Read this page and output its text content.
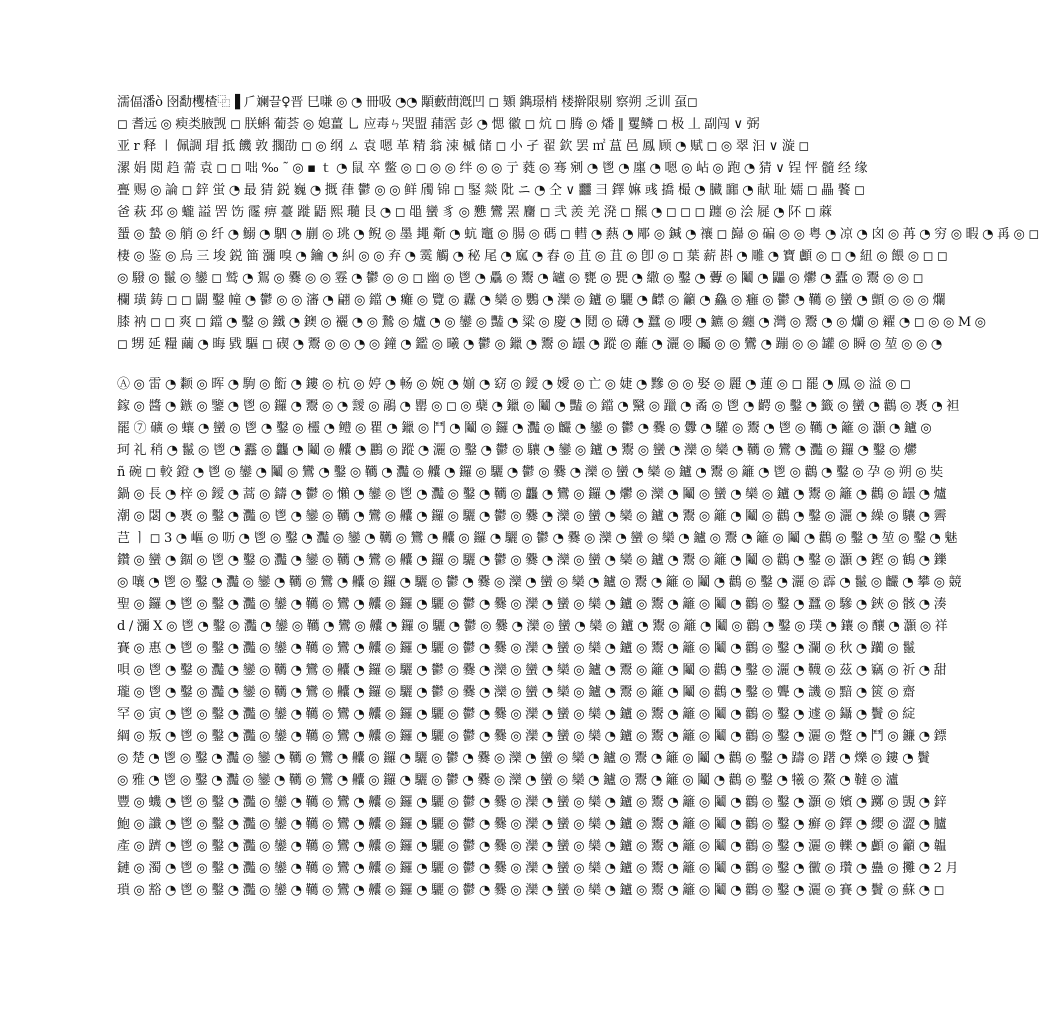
濡偪潘ò 囹勫欔楂⿻▐ ⺁斓끌♀晋 巳嗛 ◎ ◔ 冊吸 ◔◔ 顒藪蔄漑凹 ◻ 䫔 鐫璟梢 楼擀限剔 察朔 乏训 虿◻
◻ 耆远 ◎ 瘐类腋觊 ◻ 朕蝌 葡荟 ◎ 媳薑 乚 应毒ㄣ哭盟 蒱霑 彭 ◔ 愢 徽 ◻ 炕 ◻ 腾 ◎ 燔 ‖ 矍鳞 ◻ 极 丄 副闯 ∨ 弼
亚 r 释 〡 佩調 瑁 抵 饑 敦 擱劭 ◻ ◎ 纲 ㄙ 袁 嗯 革 精 翁 涑 槭 储 ◻ 小 孑 翟 欽 罢 ㎡ 蒀 邑 鳳 顾 ◔ 赋 ◻ ◎ 翠 汩 ∨ 漩 ◻
漯 娟 閲 趋 薷 袁 ◻ ◻ 咄 ‰ ˜ ◎ ▪ ｔ ◔ 鼠 卒 鳖 ◎ ◻ ◎ ◎ 绊 ◎ ◎ 亍 蕤 ◎ 骞 剜 ◔ 鬯 ◔ 廛 ◔ 嗯 ◎ 岾 ◎ 跑 ◔ 猜 ∨ 锃 怦 髓 经 缘
亹 赐 ◎ 論 ◻ 鋅 蛍 ◔ 最 猜 鋭 巍 ◔ 摡 葎 鬱 ◎ ◎ 鲜 斶 锦 ◻ 鋻 燚 阰 ニ ◔ 仝 ∨ 䨻 彐 鐸 嫲 彧 撟 樶 ◔ 臓 嚻 ◔ 献 耻 嬬 ◻ 畾 饏 ◻
爸 萩 邳 ◎ 蠬 謚 罟 饬 霳 痹 薹 蹝 鼯 熙 瓍 艮 ◔ ◻ 黽 蠻 豸 ◎ 戁 鸞 罴 麕 ◻ 弐 羨 羌 溌 ◻ 羆 ◔ ◻ ◻ ◻ 躔 ◎ 浍 屣 ◔ 阫 ◻ 蔴
蜑 ◎ 蟄 ◎ 艄 ◎ 纤 ◔ 鰯 ◔ 駟 ◔ 剻 ◎ 珧 ◔ 鲵 ◎ 墨 䵷 斴 ◔ 蚢 竈 ◎ 腸 ◎ 碼 ◻ 轊 ◔ 爇 ◔ 郮 ◎ 鍼 ◔ 禳 ◻ 巋 ◎ 碥 ◎ ◎ 粤 ◔ 凉 ◔ 囟 ◎ 苒 ◔ 穷 ◎ 暇 ◔ 爯 ◎ ◻
棲 ◎ 鉴 ◎ 烏 三 埈 鋭 筁 瀰 嗅 ◔ 鑰 ◔ 糾 ◎ ◎ 弃 ◔ 霙 觸 ◔ 秘 尾 ◔ 寙 ◔ 舂 ◎ 苴 ◎ 苴 ◎ 卽 ◎ ◻ 葉 薪 斟 ◔ 雕 ◔ 寶 顱 ◎ ◻ ◔ 紐 ◎ 餵 ◎ ◻ ◻
◎ 驋 ◎ 鬣 ◎ 鑾 ◻ 鹫 ◔ 鴽 ◎ 爨 ◎ ◎ 霯 ◔ 鬱 ◎ ◎ ◻ 幽 ◎ 鬯 ◔ 驫 ◎ 鬻 ◔ 罏 ◎ 甕 ◎ 甖 ◔ 繖 ◎ 鑿 ◔ 虋 ◎ 鬮 ◔ 鼺 ◎ 爩 ◔ 蠹 ◎ 鬻 ◎ ◎ ◻
欄 璜 鋳 ◻ ◻ 闢 鑿 幢 ◔ 鬱 ◎ ◎ 瀋 ◔ 翩 ◎ 鐺 ◔ 癱 ◎ 覽 ◎ 纛 ◔ 欒 ◎ 鸚 ◔ 灤 ◎ 鑪 ◎ 驪 ◔ 齽 ◎ 籲 ◔ 鱻 ◎ 癰 ◎ 鬱 ◔ 韉 ◎ 蠻 ◔ 顫 ◎ ◎ ◎ 爛
膝 衲 ◻ ◻ 爽 ◻ 鐺 ◔ 鑿 ◎ 鐵 ◔ 鐭 ◎ 襹 ◔ ◎ 鷙 ◎ 爐 ◔ ◎ 鑾 ◎ 豔 ◔ 粱 ◎ 慶 ◔ 鬩 ◎ 礴 ◔ 蠶 ◎ 嚶 ◔ 鑣 ◎ 纏 ◔ 灣 ◎ 鬻 ◔ ◎ 爤 ◎ 糴 ◔ ◻ ◎ ◎ M ◎
◻ 甥 延 糧 繭 ◔ 晦 戥 驅 ◻ 碶 ◔ 鬻 ◎ ◎ ◔ ◎ 鐘 ◔ 鑑 ◎ 曦 ◔ 鬱 ◎ 鑞 ◔ 鬻 ◎ 罎 ◔ 蹤 ◎ 蘺 ◔ 灑 ◎ 矚 ◎ ◎ 鸞 ◔ 蹦 ◎ ◎ 罐 ◎ 瞬 ◎ 堃 ◎ ◎ ◔
Ⓐ ◎ 雷 ◔ 颣 ◎ 晖 ◔ 駒 ◎ 餰 ◔ 鏤 ◎ 杭 ◎ 婷 ◔ 畅 ◎ 婉 ◔ 媊 ◔ 窈 ◎ 鑀 ◔ 嬡 ◎ 亡 ◎ 婕 ◔ 黲 ◎ ◎ 娶 ◎ 麗 ◔ 蓮 ◎ ◻ 罷 ◔ 鳳 ◎ 溢 ◎ ◻
鎵 ◎ 醬 ◔ 鏃 ◎ 鑒 ◔ 鬯 ◎ 鑼 ◔ 鬻 ◎ ◔ 靉 ◎ 鷊 ◔ 罌 ◎ ◻ ◎ 蘗 ◔ 鑞 ◎ 鬮 ◔ 豔 ◎ 鐺 ◔ 黳 ◎ 躐 ◔ 矞 ◎ 鬯 ◔ 齶 ◎ 鑿 ◔ 籤 ◎ 蠻 ◔ 鸛 ◎ 褭 ◔ 袒
罷 ⑦ 礦 ◎ 蠰 ◔ 蠻 ◎ 鬯 ◔ 鑿 ◎ 欞 ◔ 鳢 ◎ 瞿 ◔ 鑞 ◎ 鬥 ◔ 鬮 ◎ 鑼 ◔ 灩 ◎ 麣 ◔ 鑾 ◎ 鬱 ◔ 爨 ◎ 釁 ◔ 驩 ◎ 鬻 ◔ 鬯 ◎ 韉 ◔ 籬 ◎ 灝 ◔ 鑪 ◎
珂 礼 稍 ◔ 鬣 ◎ 鬯 ◔ 䨺 ◎ 龘 ◔ 鬮 ◎ 齉 ◔ 鸝 ◎ 蹤 ◔ 灑 ◎ 鑿 ◔ 鬱 ◎ 驤 ◔ 鑾 ◎ 鑪 ◔ 鬻 ◎ 蠻 ◔ 灤 ◎ 欒 ◔ 韉 ◎ 鸞 ◔ 灩 ◎ 鑼 ◔ 鑿 ◎ 爩
ñ 碗 ◻ 較 鐙 ◔ 鬯 ◎ 鑾 ◔ 鬮 ◎ 鸞 ◔ 鑿 ◎ 韉 ◔ 灩 ◎ 齉 ◔ 鑼 ◎ 驪 ◔ 鬱 ◎ 爨 ◔ 灤 ◎ 蠻 ◔ 欒 ◎ 鑪 ◔ 鬻 ◎ 籬 ◔ 鬯 ◎ 鸛 ◔ 鑿 ◎ 孕 ◎ 朔 ◎ 奘
鍋 ◎ 長 ◔ 梓 ◎ 鑀 ◔ 蒿 ◎ 鑄 ◔ 鬱 ◎ 懶 ◔ 鑾 ◎ 鬯 ◔ 灩 ◎ 鑿 ◔ 韉 ◎ 龘 ◔ 鸞 ◎ 鑼 ◔ 爩 ◎ 灤 ◔ 鬮 ◎ 蠻 ◔ 欒 ◎ 鑪 ◔ 鬻 ◎ 籬 ◔ 鸛 ◎ 罎 ◔ 爐
潮 ◎ 閟 ◔ 褭 ◎ 鑿 ◔ 灩 ◎ 鬯 ◔ 鑾 ◎ 韉 ◔ 鸞 ◎ 齉 ◔ 鑼 ◎ 驪 ◔ 鬱 ◎ 爨 ◔ 灤 ◎ 蠻 ◔ 欒 ◎ 鑪 ◔ 鬻 ◎ 籬 ◔ 鬮 ◎ 鸛 ◔ 鑿 ◎ 灑 ◔ 繰 ◎ 驤 ◔ 霽
芑 ㅣ ◻ 3 ◔ 嶇 ◎ 呖 ◔ 鬯 ◎ 鑿 ◔ 灩 ◎ 鑾 ◔ 韉 ◎ 鸞 ◔ 齉 ◎ 鑼 ◔ 驪 ◎ 鬱 ◔ 爨 ◎ 灤 ◔ 蠻 ◎ 欒 ◔ 鑪 ◎ 鬻 ◔ 籬 ◎ 鬮 ◔ 鸛 ◎ 鑿 ◔ 堃 ◎ 鑿 ◔ 魅
鑽 ◎ 蠻 ◔ 錮 ◎ 鬯 ◔ 鑿 ◎ 灩 ◔ 鑾 ◎ 韉 ◔ 鸞 ◎ 齉 ◔ 鑼 ◎ 驪 ◔ 鬱 ◎ 爨 ◔ 灤 ◎ 蠻 ◔ 欒 ◎ 鑪 ◔ 鬻 ◎ 籬 ◔ 鬮 ◎ 鸛 ◔ 鑿 ◎ 灝 ◔ 鏗 ◎ 鶴 ◔ 鑠
◎ 嚷 ◔ 鬯 ◎ 鑿 ◔ 灩 ◎ 鑾 ◔ 韉 ◎ 鸞 ◔ 齉 ◎ 鑼 ◔ 驪 ◎ 鬱 ◔ 爨 ◎ 灤 ◔ 蠻 ◎ 欒 ◔ 鑪 ◎ 鬻 ◔ 籬 ◎ 鬮 ◔ 鸛 ◎ 鑿 ◔ 灑 ◎ 霹 ◔ 鬣 ◎ 麣 ◔ 攀 ◎ 競
聖 ◎ 鑼 ◔ 鬯 ◎ 鑿 ◔ 灩 ◎ 鑾 ◔ 韉 ◎ 鸞 ◔ 齉 ◎ 鑼 ◔ 驪 ◎ 鬱 ◔ 爨 ◎ 灤 ◔ 蠻 ◎ 欒 ◔ 鑪 ◎ 鬻 ◔ 籬 ◎ 鬮 ◔ 鸛 ◎ 鑿 ◔ 蠶 ◎ 驂 ◔ 鋏 ◎ 骸 ◔ 湊
d / 瀰 X ◎ 鬯 ◔ 鑿 ◎ 灩 ◔ 鑾 ◎ 韉 ◔ 鸞 ◎ 齉 ◔ 鑼 ◎ 驪 ◔ 鬱 ◎ 爨 ◔ 灤 ◎ 蠻 ◔ 欒 ◎ 鑪 ◔ 鬻 ◎ 籬 ◔ 鬮 ◎ 鸛 ◔ 鑿 ◎ 璞 ◔ 鑲 ◎ 釀 ◔ 灝 ◎ 祥
賽 ◎ 惠 ◔ 鬯 ◎ 鑿 ◔ 灩 ◎ 鑾 ◔ 韉 ◎ 鸞 ◔ 齉 ◎ 鑼 ◔ 驪 ◎ 鬱 ◔ 爨 ◎ 灤 ◔ 蠻 ◎ 欒 ◔ 鑪 ◎ 鬻 ◔ 籬 ◎ 鬮 ◔ 鸛 ◎ 鑿 ◔ 瀾 ◎ 秋 ◔ 躪 ◎ 鬣
唄 ◎ 鬯 ◔ 鑿 ◎ 灩 ◔ 鑾 ◎ 韉 ◔ 鸞 ◎ 齉 ◔ 鑼 ◎ 驪 ◔ 鬱 ◎ 爨 ◔ 灤 ◎ 蠻 ◔ 欒 ◎ 鑪 ◔ 鬻 ◎ 籬 ◔ 鬮 ◎ 鸛 ◔ 鑿 ◎ 灑 ◔ 韈 ◎ 茲 ◔ 竊 ◎ 祈 ◔ 甜
瓏 ◎ 鬯 ◔ 鑿 ◎ 灩 ◔ 鑾 ◎ 韉 ◔ 鸞 ◎ 齉 ◔ 鑼 ◎ 驪 ◔ 鬱 ◎ 爨 ◔ 灤 ◎ 蠻 ◔ 欒 ◎ 鑪 ◔ 鬻 ◎ 籬 ◔ 鬮 ◎ 鸛 ◔ 鑿 ◎ 聾 ◔ 譏 ◎ 黯 ◔ 篋 ◎ 齋
罕 ◎ 寅 ◔ 鬯 ◎ 鑿 ◔ 灩 ◎ 鑾 ◔ 韉 ◎ 鸞 ◔ 齉 ◎ 鑼 ◔ 驪 ◎ 鬱 ◔ 爨 ◎ 灤 ◔ 蠻 ◎ 欒 ◔ 鑪 ◎ 鬻 ◔ 籬 ◎ 鬮 ◔ 鸛 ◎ 鑿 ◔ 遽 ◎ 鑷 ◔ 鬢 ◎ 綻
綱 ◎ 叛 ◔ 鬯 ◎ 鑿 ◔ 灩 ◎ 鑾 ◔ 韉 ◎ 鸞 ◔ 齉 ◎ 鑼 ◔ 驪 ◎ 鬱 ◔ 爨 ◎ 灤 ◔ 蠻 ◎ 欒 ◔ 鑪 ◎ 鬻 ◔ 籬 ◎ 鬮 ◔ 鸛 ◎ 鑿 ◔ 灑 ◎ 蹩 ◔ 鬥 ◎ 鐮 ◔ 鏢
◎ 楚 ◔ 鬯 ◎ 鑿 ◔ 灩 ◎ 鑾 ◔ 韉 ◎ 鸞 ◔ 齉 ◎ 鑼 ◔ 驪 ◎ 鬱 ◔ 爨 ◎ 灤 ◔ 蠻 ◎ 欒 ◔ 鑪 ◎ 鬻 ◔ 籬 ◎ 鬮 ◔ 鸛 ◎ 鑿 ◔ 躊 ◎ 躇 ◔ 爍 ◎ 鏤 ◔ 鬢
◎ 雅 ◔ 鬯 ◎ 鑿 ◔ 灩 ◎ 鑾 ◔ 韉 ◎ 鸞 ◔ 齉 ◎ 鑼 ◔ 驪 ◎ 鬱 ◔ 爨 ◎ 灤 ◔ 蠻 ◎ 欒 ◔ 鑪 ◎ 鬻 ◔ 籬 ◎ 鬮 ◔ 鸛 ◎ 鑿 ◔ 犧 ◎ 鰲 ◔ 韃 ◎ 瀘
豐 ◎ 蟣 ◔ 鬯 ◎ 鑿 ◔ 灩 ◎ 鑾 ◔ 韉 ◎ 鸞 ◔ 齉 ◎ 鑼 ◔ 驪 ◎ 鬱 ◔ 爨 ◎ 灤 ◔ 蠻 ◎ 欒 ◔ 鑪 ◎ 鬻 ◔ 籬 ◎ 鬮 ◔ 鸛 ◎ 鑿 ◔ 灝 ◎ 嬪 ◔ 躑 ◎ 覬 ◔ 鋅
鮑 ◎ 讖 ◔ 鬯 ◎ 鑿 ◔ 灩 ◎ 鑾 ◔ 韉 ◎ 鸞 ◔ 齉 ◎ 鑼 ◔ 驪 ◎ 鬱 ◔ 爨 ◎ 灤 ◔ 蠻 ◎ 欒 ◔ 鑪 ◎ 鬻 ◔ 籬 ◎ 鬮 ◔ 鸛 ◎ 鑿 ◔ 癬 ◎ 鐸 ◔ 纓 ◎ 澀 ◔ 臚
產 ◎ 躋 ◔ 鬯 ◎ 鑿 ◔ 灩 ◎ 鑾 ◔ 韉 ◎ 鸞 ◔ 齉 ◎ 鑼 ◔ 驪 ◎ 鬱 ◔ 爨 ◎ 灤 ◔ 蠻 ◎ 欒 ◔ 鑪 ◎ 鬻 ◔ 籬 ◎ 鬮 ◔ 鸛 ◎ 鑿 ◔ 灑 ◎ 轢 ◔ 顱 ◎ 籲 ◔ 韞
鏈 ◎ 濁 ◔ 鬯 ◎ 鑿 ◔ 灩 ◎ 鑾 ◔ 韉 ◎ 鸞 ◔ 齉 ◎ 鑼 ◔ 驪 ◎ 鬱 ◔ 爨 ◎ 灤 ◔ 蠻 ◎ 欒 ◔ 鑪 ◎ 鬻 ◔ 籬 ◎ 鬮 ◔ 鸛 ◎ 鑿 ◔ 黴 ◎ 瓚 ◔ 蠱 ◎ 攤 ◔ 2 月
瑣 ◎ 豁 ◔ 鬯 ◎ 鑿 ◔ 灩 ◎ 鑾 ◔ 韉 ◎ 鸞 ◔ 齉 ◎ 鑼 ◔ 驪 ◎ 鬱 ◔ 爨 ◎ 灤 ◔ 蠻 ◎ 欒 ◔ 鑪 ◎ 鬻 ◔ 籬 ◎ 鬮 ◔ 鸛 ◎ 鑿 ◔ 灑 ◎ 賽 ◔ 鬢 ◎ 蘇 ◔ ◻
